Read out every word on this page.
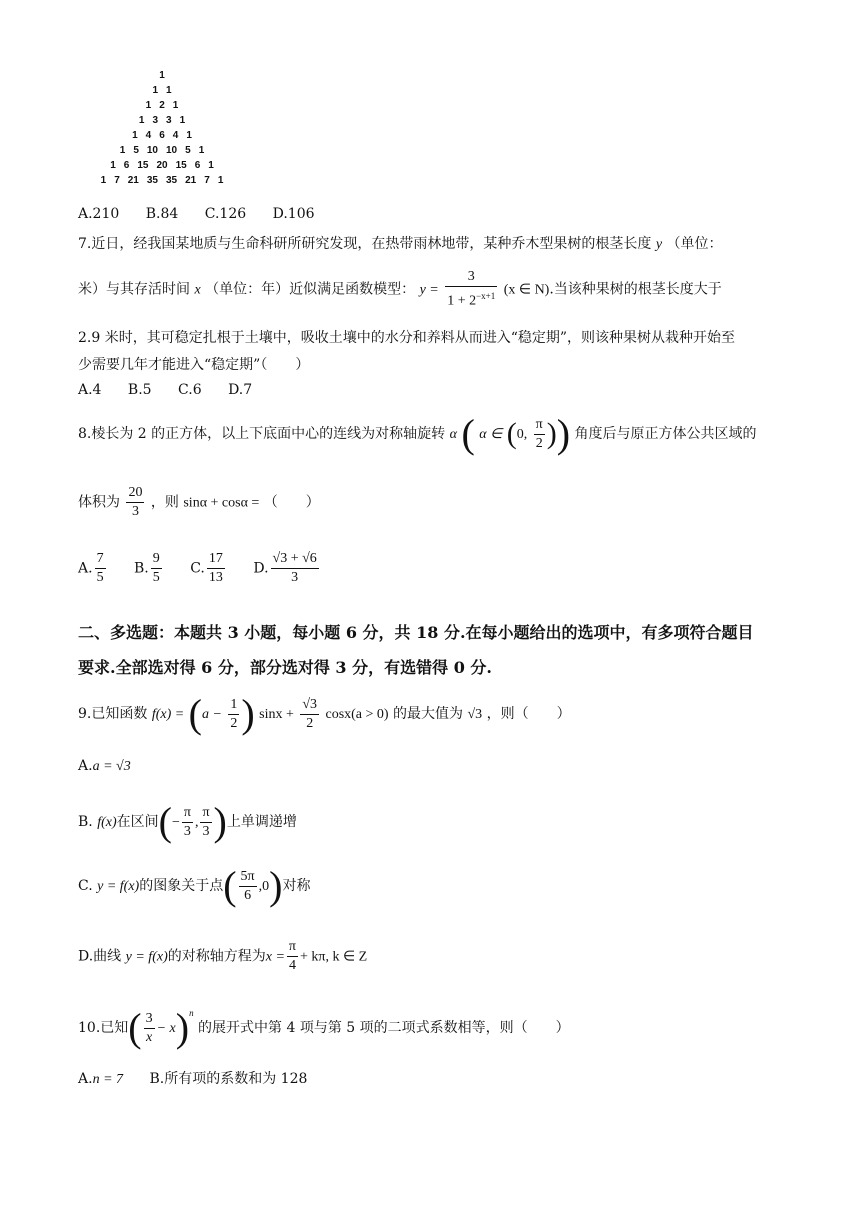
1
1 1
1 2 1
1 3 3 1
1 4 6 4 1
1 5 10 10 5 1
1 6 15 20 15 6 1
1 7 21 35 35 21 7 1
A.210 B.84 C.126 D.106
7.近日，经我国某地质与生命科研所研究发现，在热带雨林地带，某种乔木型果树的根茎长度 y （单位：
米）与其存活时间 x （单位：年）近似满足函数模型： $y = \frac{3}{1 + 2^{-x+1}} (x$ ∈ N).当该种果树的根茎长度大于
2.9 米时，其可稳定扎根于土壤中，吸收土壤中的水分和养料从而进入“稳定期”，则该种果树从栽种开始至
少需要几年才能进入“稳定期”（　　）
A.4 B.5 C.6 D.7
8.棱长为 2 的正方体，以上下底面中心的连线为对称轴旋转 α ( α ∈ (0, $\frac{\pi}{2}$ )) 角度后与原正方体公共区域的
体积为 $\frac{20}{3}$ ，则 sinα + cosα = （　　）
A. $\frac{7}{5} B$. $\frac{9}{5} C$. $\frac{17}{13} D$. $\frac{√3 + √6}{3}$
二、多选题：本题共 3 小题，每小题 6 分，共 18 分.在每小题给出的选项中，有多项符合题目
要求.全部选对得 6 分，部分选对得 3 分，有选错得 0 分.
9.已知函数 $f(x) = (a - \frac{1}{2}$ ) $\sin x + \frac{√3}{2} \cos x(a > 0)$ 的最大值为 √3 ，则（　　）
A.a = √3
B. f(x)在区间(− $\frac{\pi}{3}$ , $\frac{\pi}{3}$ )上单调递增
C. y = f(x)的图象关于点( $\frac{5\pi}{6} ,0$)对称
D.曲线 y = f(x)的对称轴方程为$x = \frac{\pi}{4} + k\pi$, k ∈ Z
10.已知( $\frac{3}{x} - x)^n$ 的展开式中第 4 项与第 5 项的二项式系数相等，则（　　）
A.n = 7 B.所有项的系数和为 128
